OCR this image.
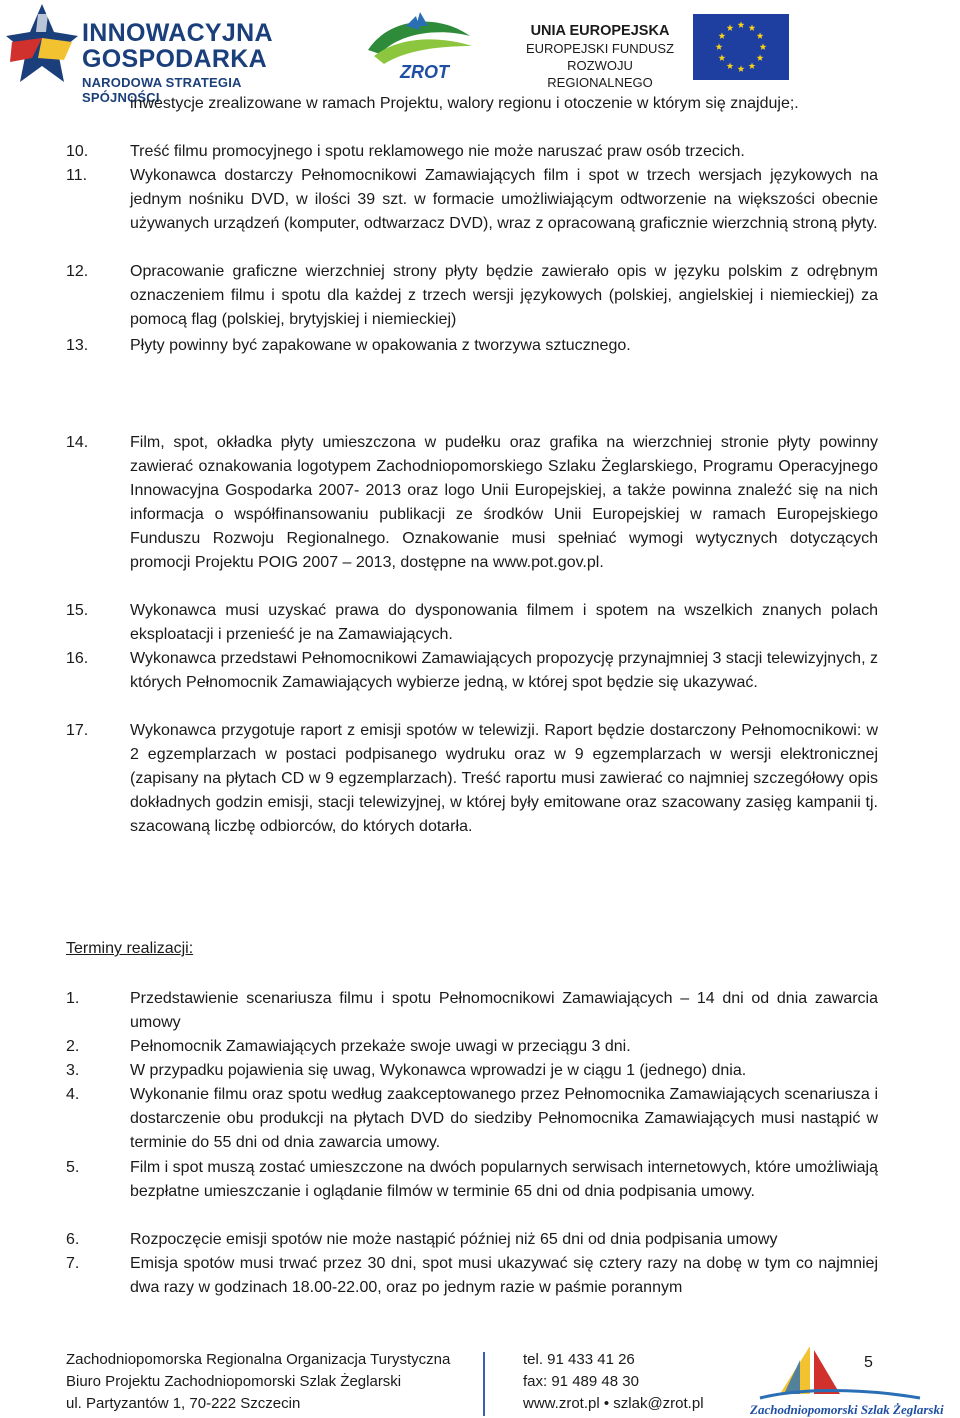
INNOWACYJNA
GOSPODARKA
NARODOWA STRATEGIA SPÓJNOŚCI
ZROT
UNIA EUROPEJSKA
EUROPEJSKI FUNDUSZ
ROZWOJU REGIONALNEGO
inwestycje zrealizowane w ramach Projektu, walory regionu i otoczenie w którym się znajduje;.
10.	Treść filmu promocyjnego i spotu reklamowego nie może naruszać praw osób trzecich.
11.	Wykonawca dostarczy Pełnomocnikowi Zamawiających film i spot w trzech wersjach językowych na jednym nośniku DVD, w ilości 39 szt. w formacie umożliwiającym odtworzenie na większości obecnie używanych urządzeń (komputer, odtwarzacz DVD), wraz z opracowaną graficznie wierzchnią stroną płyty.
12.	Opracowanie graficzne wierzchniej strony płyty będzie zawierało opis w języku polskim z odrębnym oznaczeniem filmu i spotu dla każdej z trzech wersji językowych (polskiej, angielskiej i niemieckiej) za pomocą flag (polskiej, brytyjskiej i niemieckiej)
13.	Płyty powinny być zapakowane w opakowania z tworzywa sztucznego.
14.	Film, spot, okładka płyty umieszczona w pudełku oraz grafika na wierzchniej stronie płyty powinny zawierać oznakowania logotypem Zachodniopomorskiego Szlaku Żeglarskiego, Programu Operacyjnego Innowacyjna Gospodarka 2007- 2013 oraz logo Unii Europejskiej, a także powinna znaleźć się na nich informacja o współfinansowaniu publikacji ze środków Unii Europejskiej w ramach Europejskiego Funduszu Rozwoju Regionalnego. Oznakowanie musi spełniać wymogi wytycznych dotyczących promocji Projektu POIG 2007 – 2013, dostępne na www.pot.gov.pl.
15.	Wykonawca musi uzyskać prawa do dysponowania filmem i spotem na wszelkich znanych polach eksploatacji i przenieść je na Zamawiających.
16.	Wykonawca przedstawi Pełnomocnikowi Zamawiających propozycję przynajmniej 3 stacji telewizyjnych, z których Pełnomocnik Zamawiających wybierze jedną, w której spot będzie się ukazywać.
17.	Wykonawca przygotuje raport z emisji spotów w telewizji. Raport będzie dostarczony Pełnomocnikowi: w 2 egzemplarzach w postaci podpisanego wydruku oraz w 9 egzemplarzach w wersji elektronicznej (zapisany na płytach CD w 9 egzemplarzach). Treść raportu musi zawierać co najmniej szczegółowy opis dokładnych godzin emisji, stacji telewizyjnej, w której były emitowane oraz szacowany zasięg kampanii tj. szacowaną liczbę odbiorców, do których dotarła.
Terminy realizacji:
1.	Przedstawienie scenariusza filmu i spotu Pełnomocnikowi Zamawiających – 14 dni od dnia zawarcia umowy
2.	Pełnomocnik Zamawiających przekaże swoje uwagi w przeciągu 3 dni.
3.	W przypadku pojawienia się uwag, Wykonawca wprowadzi je w ciągu 1 (jednego) dnia.
4.	Wykonanie filmu oraz spotu według zaakceptowanego przez Pełnomocnika Zamawiających scenariusza i dostarczenie obu produkcji na płytach DVD do siedziby Pełnomocnika Zamawiających musi nastąpić w terminie do 55 dni od dnia zawarcia umowy.
5.	Film i spot muszą zostać umieszczone na dwóch popularnych serwisach internetowych, które umożliwiają bezpłatne umieszczanie i oglądanie filmów w terminie 65 dni od dnia podpisania umowy.
6.	Rozpoczęcie emisji spotów nie może nastąpić później niż 65 dni od dnia podpisania umowy
7.	Emisja spotów musi trwać przez 30 dni, spot musi ukazywać się cztery razy na dobę w tym co najmniej dwa razy w godzinach 18.00-22.00, oraz po jednym razie w paśmie porannym
Zachodniopomorska Regionalna Organizacja Turystyczna
Biuro Projektu Zachodniopomorski Szlak Żeglarski
ul. Partyzantów 1, 70-222 Szczecin
tel. 91 433 41 26
fax: 91 489 48 30
www.zrot.pl • szlak@zrot.pl	Zachodniopomorski Szlak Żeglarski
5
